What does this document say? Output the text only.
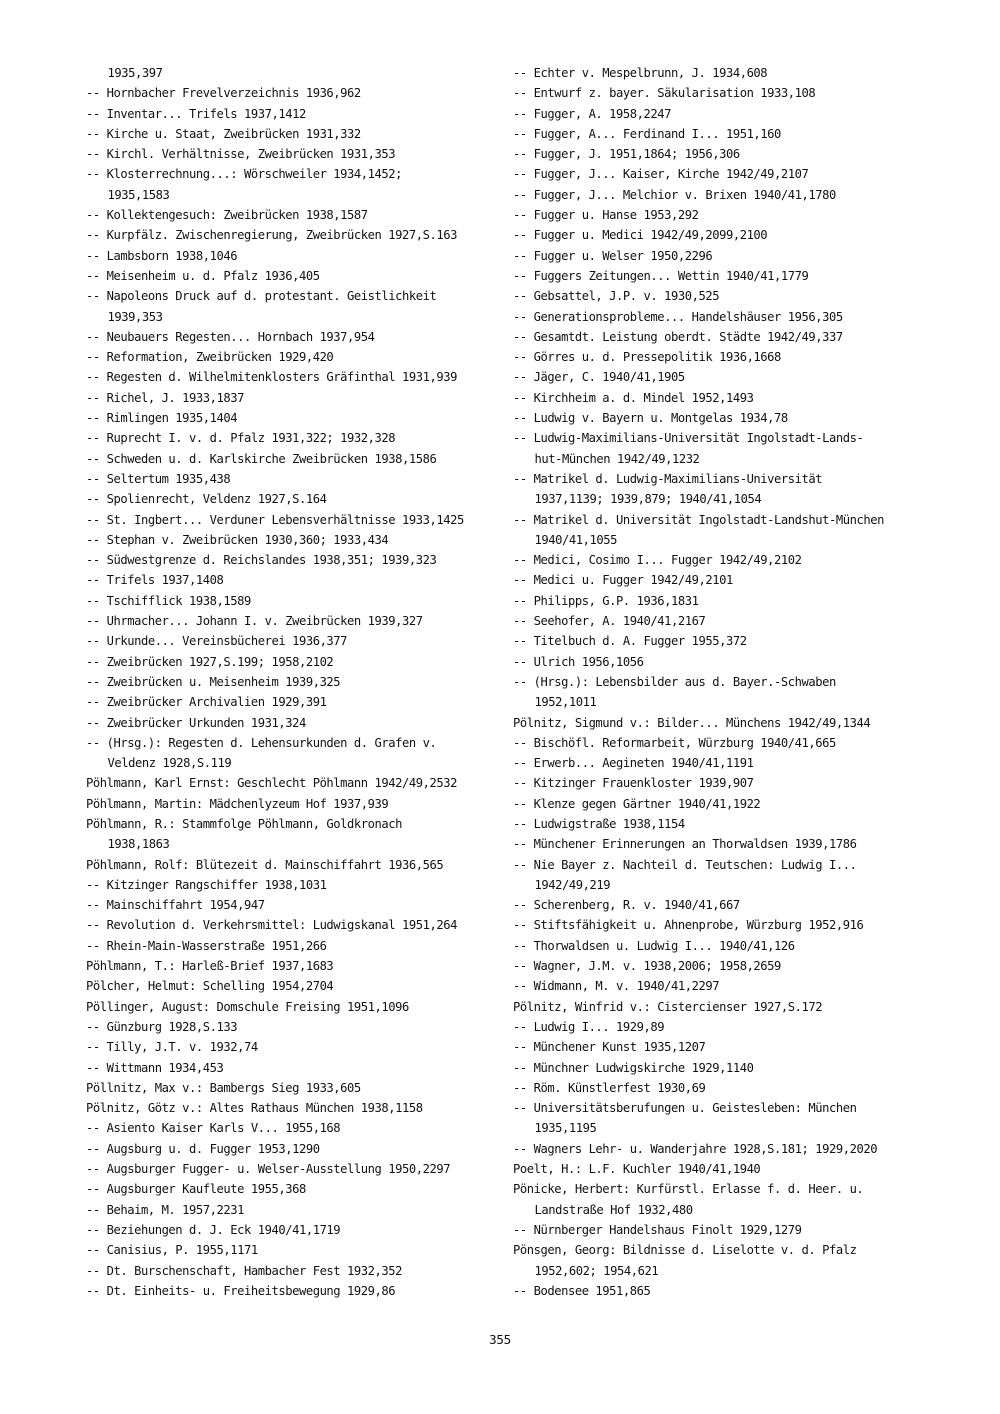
1935,397
-- Hornbacher Frevelverzeichnis 1936,962
-- Inventar... Trifels 1937,1412
-- Kirche u. Staat, Zweibrücken 1931,332
-- Kirchl. Verhältnisse, Zweibrücken 1931,353
-- Klosterrechnung...: Wörschweiler 1934,1452;
1935,1583
-- Kollektengesuch: Zweibrücken 1938,1587
-- Kurpfälz. Zwischenregierung, Zweibrücken 1927,S.163
-- Lambsborn 1938,1046
-- Meisenheim u. d. Pfalz 1936,405
-- Napoleons Druck auf d. protestant. Geistlichkeit
1939,353
-- Neubauers Regesten... Hornbach 1937,954
-- Reformation, Zweibrücken 1929,420
-- Regesten d. Wilhelmitenklosters Gräfinthal 1931,939
-- Richel, J. 1933,1837
-- Rimlingen 1935,1404
-- Ruprecht I. v. d. Pfalz 1931,322; 1932,328
-- Schweden u. d. Karlskirche Zweibrücken 1938,1586
-- Seltertum 1935,438
-- Spolienrecht, Veldenz 1927,S.164
-- St. Ingbert... Verduner Lebensverhältnisse 1933,1425
-- Stephan v. Zweibrücken 1930,360; 1933,434
-- Südwestgrenze d. Reichslandes 1938,351; 1939,323
-- Trifels 1937,1408
-- Tschifflick 1938,1589
-- Uhrmacher... Johann I. v. Zweibrücken 1939,327
-- Urkunde... Vereinsbücherei 1936,377
-- Zweibrücken 1927,S.199; 1958,2102
-- Zweibrücken u. Meisenheim 1939,325
-- Zweibrücker Archivalien 1929,391
-- Zweibrücker Urkunden 1931,324
-- (Hrsg.): Regesten d. Lehensurkunden d. Grafen v.
Veldenz 1928,S.119
Pöhlmann, Karl Ernst: Geschlecht Pöhlmann 1942/49,2532
Pöhlmann, Martin: Mädchenlyzeum Hof 1937,939
Pöhlmann, R.: Stammfolge Pöhlmann, Goldkronach
1938,1863
Pöhlmann, Rolf: Blütezeit d. Mainschiffahrt 1936,565
-- Kitzinger Rangschiffer 1938,1031
-- Mainschiffahrt 1954,947
-- Revolution d. Verkehrsmittel: Ludwigskanal 1951,264
-- Rhein-Main-Wasserstraße 1951,266
Pöhlmann, T.: Harleß-Brief 1937,1683
Pölcher, Helmut: Schelling 1954,2704
Pöllinger, August: Domschule Freising 1951,1096
-- Günzburg 1928,S.133
-- Tilly, J.T. v. 1932,74
-- Wittmann 1934,453
Pöllnitz, Max v.: Bambergs Sieg 1933,605
Pölnitz, Götz v.: Altes Rathaus München 1938,1158
-- Asiento Kaiser Karls V... 1955,168
-- Augsburg u. d. Fugger 1953,1290
-- Augsburger Fugger- u. Welser-Ausstellung 1950,2297
-- Augsburger Kaufleute 1955,368
-- Behaim, M. 1957,2231
-- Beziehungen d. J. Eck 1940/41,1719
-- Canisius, P. 1955,1171
-- Dt. Burschenschaft, Hambacher Fest 1932,352
-- Dt. Einheits- u. Freiheitsbewegung 1929,86
-- Echter v. Mespelbrunn, J. 1934,608
-- Entwurf z. bayer. Säkularisation 1933,108
-- Fugger, A. 1958,2247
-- Fugger, A... Ferdinand I... 1951,160
-- Fugger, J. 1951,1864; 1956,306
-- Fugger, J... Kaiser, Kirche 1942/49,2107
-- Fugger, J... Melchior v. Brixen 1940/41,1780
-- Fugger u. Hanse 1953,292
-- Fugger u. Medici 1942/49,2099,2100
-- Fugger u. Welser 1950,2296
-- Fuggers Zeitungen... Wettin 1940/41,1779
-- Gebsattel, J.P. v. 1930,525
-- Generationsprobleme... Handelshäuser 1956,305
-- Gesamtdt. Leistung oberdt. Städte 1942/49,337
-- Görres u. d. Pressepolitik 1936,1668
-- Jäger, C. 1940/41,1905
-- Kirchheim a. d. Mindel 1952,1493
-- Ludwig v. Bayern u. Montgelas 1934,78
-- Ludwig-Maximilians-Universität Ingolstadt-Lands-
hut-München 1942/49,1232
-- Matrikel d. Ludwig-Maximilians-Universität
1937,1139; 1939,879; 1940/41,1054
-- Matrikel d. Universität Ingolstadt-Landshut-München
1940/41,1055
-- Medici, Cosimo I... Fugger 1942/49,2102
-- Medici u. Fugger 1942/49,2101
-- Philipps, G.P. 1936,1831
-- Seehofer, A. 1940/41,2167
-- Titelbuch d. A. Fugger 1955,372
-- Ulrich 1956,1056
-- (Hrsg.): Lebensbilder aus d. Bayer.-Schwaben
1952,1011
Pölnitz, Sigmund v.: Bilder... Münchens 1942/49,1344
-- Bischöfl. Reformarbeit, Würzburg 1940/41,665
-- Erwerb... Aegineten 1940/41,1191
-- Kitzinger Frauenkloster 1939,907
-- Klenze gegen Gärtner 1940/41,1922
-- Ludwigstraße 1938,1154
-- Münchener Erinnerungen an Thorwaldsen 1939,1786
-- Nie Bayer z. Nachteil d. Teutschen: Ludwig I...
1942/49,219
-- Scherenberg, R. v. 1940/41,667
-- Stiftsfähigkeit u. Ahnenprobe, Würzburg 1952,916
-- Thorwaldsen u. Ludwig I... 1940/41,126
-- Wagner, J.M. v. 1938,2006; 1958,2659
-- Widmann, M. v. 1940/41,2297
Pölnitz, Winfrid v.: Cistercienser 1927,S.172
-- Ludwig I... 1929,89
-- Münchener Kunst 1935,1207
-- Münchner Ludwigskirche 1929,1140
-- Röm. Künstlerfest 1930,69
-- Universitätsberufungen u. Geistesleben: München
1935,1195
-- Wagners Lehr- u. Wanderjahre 1928,S.181; 1929,2020
Poelt, H.: L.F. Kuchler 1940/41,1940
Pönicke, Herbert: Kurfürstl. Erlasse f. d. Heer. u.
Landstraße Hof 1932,480
-- Nürnberger Handelshaus Finolt 1929,1279
Pönsgen, Georg: Bildnisse d. Liselotte v. d. Pfalz
1952,602; 1954,621
-- Bodensee 1951,865
355
